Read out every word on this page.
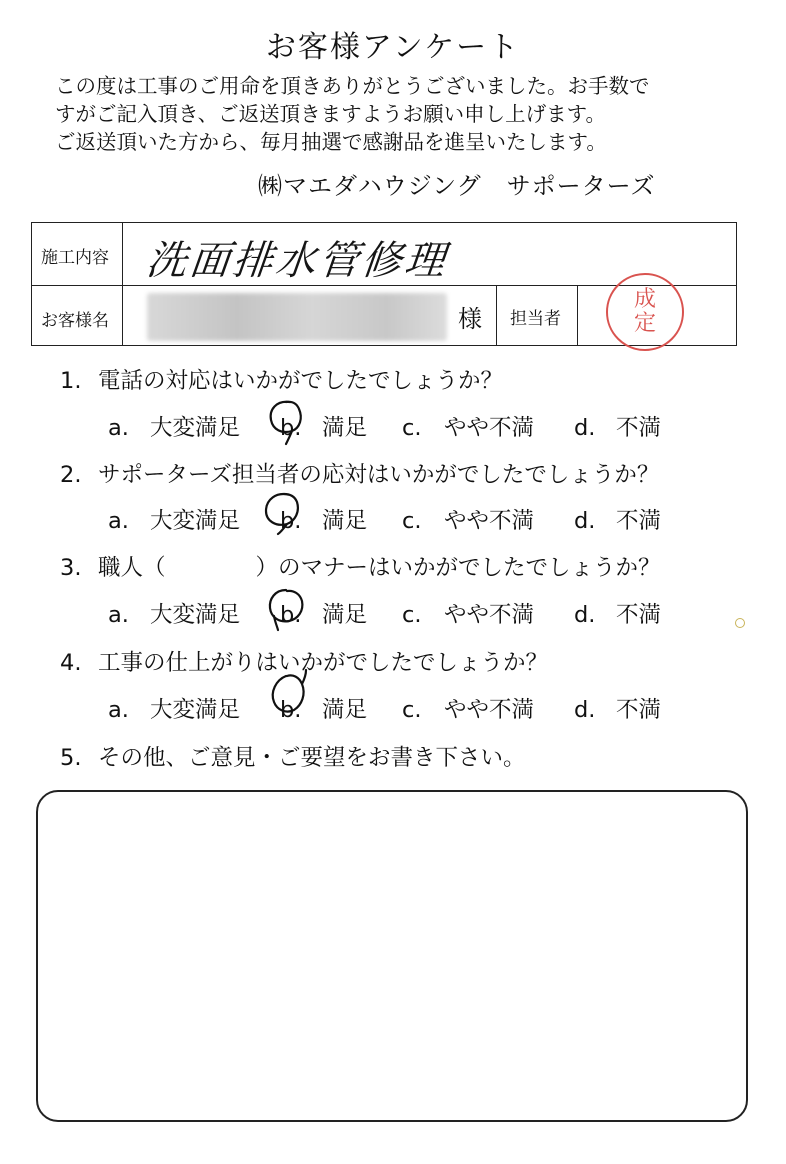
お客様アンケート
この度は工事のご用命を頂きありがとうございました。お手数で
すがご記入頂き、ご返送頂きますようお願い申し上げます。
ご返送頂いた方から、毎月抽選で感謝品を進呈いたします。
㈱マエダハウジング　サポーターズ
施工内容 洗面排水管修理
お客様名	様 担当者
成
定
1. 電話の対応はいかがでしたでしょうか？
a. 大変満足 b. 満足 c. やや不満 d. 不満
2. サポーターズ担当者の応対はいかがでしたでしょうか？
a. 大変満足 b. 満足 c. やや不満 d. 不満
3. 職人（　　　　）のマナーはいかがでしたでしょうか？
a. 大変満足 b. 満足 c. やや不満 d. 不満
4. 工事の仕上がりはいかがでしたでしょうか？
a. 大変満足 b. 満足 c. やや不満 d. 不満
5. その他、ご意見・ご要望をお書き下さい。
